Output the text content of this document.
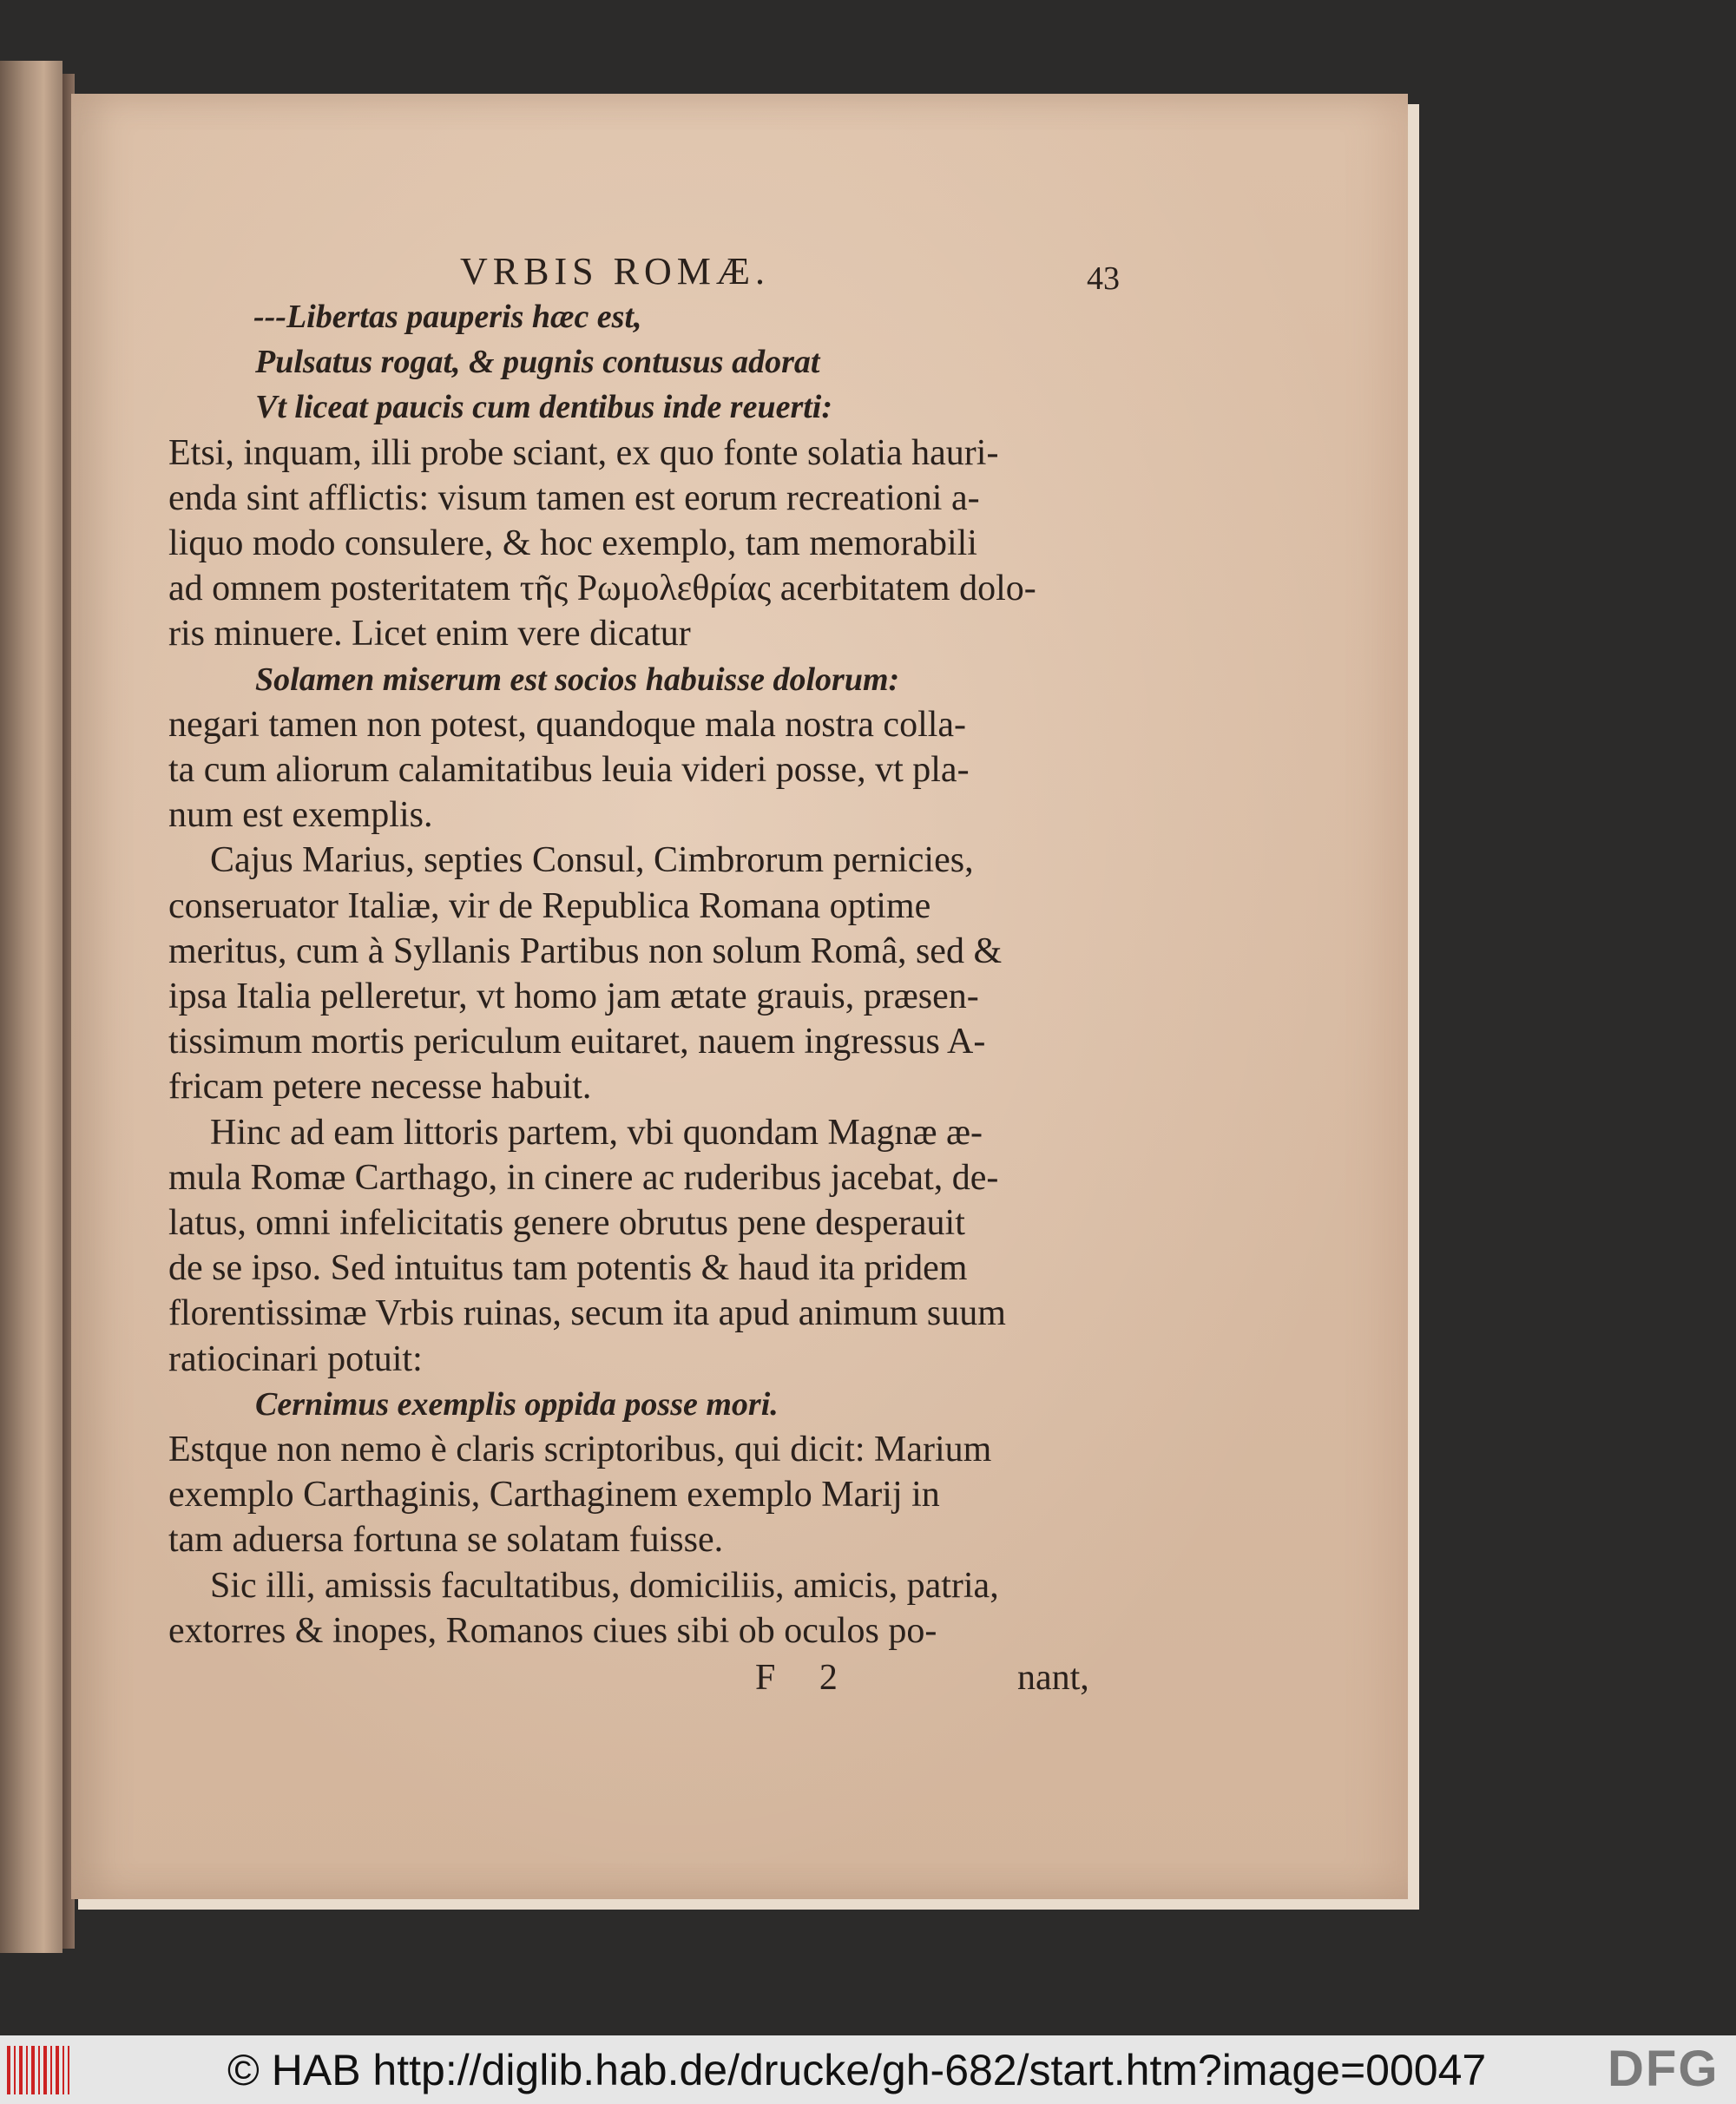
VRBIS ROMÆ.	43
---Libertas pauperis hæc est,
Pulsatus rogat, & pugnis contusus adorat
Vt liceat paucis cum dentibus inde reuerti:
Etsi, inquam, illi probe sciant, ex quo fonte solatia hauri-
enda sint afflictis: visum tamen est eorum recreationi a-
liquo modo consulere, & hoc exemplo, tam memorabili
ad omnem posteritatem τῆς Ρωμολεθρίας acerbitatem dolo-
ris minuere. Licet enim vere dicatur
Solamen miserum est socios habuisse dolorum:
negari tamen non potest, quandoque mala nostra colla-
ta cum aliorum calamitatibus leuia videri posse, vt pla-
num est exemplis.
Cajus Marius, septies Consul, Cimbrorum pernicies,
conseruator Italiæ, vir de Republica Romana optime
meritus, cum à Syllanis Partibus non solum Româ, sed &
ipsa Italia pelleretur, vt homo jam ætate grauis, præsen-
tissimum mortis periculum euitaret, nauem ingressus A-
fricam petere necesse habuit.
Hinc ad eam littoris partem, vbi quondam Magnæ æ-
mula Romæ Carthago, in cinere ac ruderibus jacebat, de-
latus, omni infelicitatis genere obrutus pene desperauit
de se ipso. Sed intuitus tam potentis & haud ita pridem
florentissimæ Vrbis ruinas, secum ita apud animum suum
ratiocinari potuit:
Cernimus exemplis oppida posse mori.
Estque non nemo è claris scriptoribus, qui dicit: Marium
exemplo Carthaginis, Carthaginem exemplo Marij in
tam aduersa fortuna se solatam fuisse.
Sic illi, amissis facultatibus, domiciliis, amicis, patria,
extorres & inopes, Romanos ciues sibi ob oculos po-
F 2	nant,
© HAB http://diglib.hab.de/drucke/gh-682/start.htm?image=00047 DFG
